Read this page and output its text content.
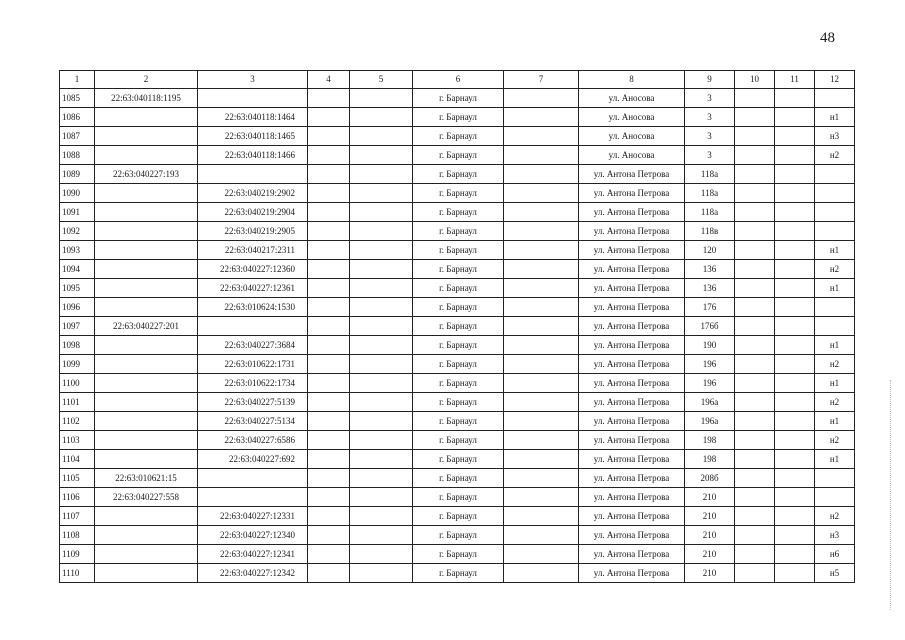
48
1	2	3	4	5	6	7	8	9	10	11	12
1085	22:63:040118:1195				г. Барнаул		ул. Аносова	3			
1086		22:63:040118:1464			г. Барнаул		ул. Аносова	3			н1
1087		22:63:040118:1465			г. Барнаул		ул. Аносова	3			н3
1088		22:63:040118:1466			г. Барнаул		ул. Аносова	3			н2
1089	22:63:040227:193				г. Барнаул		ул. Антона Петрова	118а			
1090		22:63:040219:2902			г. Барнаул		ул. Антона Петрова	118а			
1091		22:63:040219:2904			г. Барнаул		ул. Антона Петрова	118а			
1092		22:63:040219:2905			г. Барнаул		ул. Антона Петрова	118в			
1093		22:63:040217:2311			г. Барнаул		ул. Антона Петрова	120			н1
1094		22:63:040227:12360			г. Барнаул		ул. Антона Петрова	136			н2
1095		22:63:040227:12361			г. Барнаул		ул. Антона Петрова	136			н1
1096		22:63:010624:1530			г. Барнаул		ул. Антона Петрова	176			
1097	22:63:040227:201				г. Барнаул		ул. Антона Петрова	176б			
1098		22:63:040227:3684			г. Барнаул		ул. Антона Петрова	190			н1
1099		22:63:010622:1731			г. Барнаул		ул. Антона Петрова	196			н2
1100		22:63:010622:1734			г. Барнаул		ул. Антона Петрова	196			н1
1101		22:63:040227:5139			г. Барнаул		ул. Антона Петрова	196а			н2
1102		22:63:040227:5134			г. Барнаул		ул. Антона Петрова	196а			н1
1103		22:63:040227:6586			г. Барнаул		ул. Антона Петрова	198			н2
1104		22:63:040227:692			г. Барнаул		ул. Антона Петрова	198			н1
1105	22:63:010621:15				г. Барнаул		ул. Антона Петрова	208б			
1106	22:63:040227:558				г. Барнаул		ул. Антона Петрова	210			
1107		22:63:040227:12331			г. Барнаул		ул. Антона Петрова	210			н2
1108		22:63:040227:12340			г. Барнаул		ул. Антона Петрова	210			н3
1109		22:63:040227:12341			г. Барнаул		ул. Антона Петрова	210			н6
1110		22:63:040227:12342			г. Барнаул		ул. Антона Петрова	210			н5
